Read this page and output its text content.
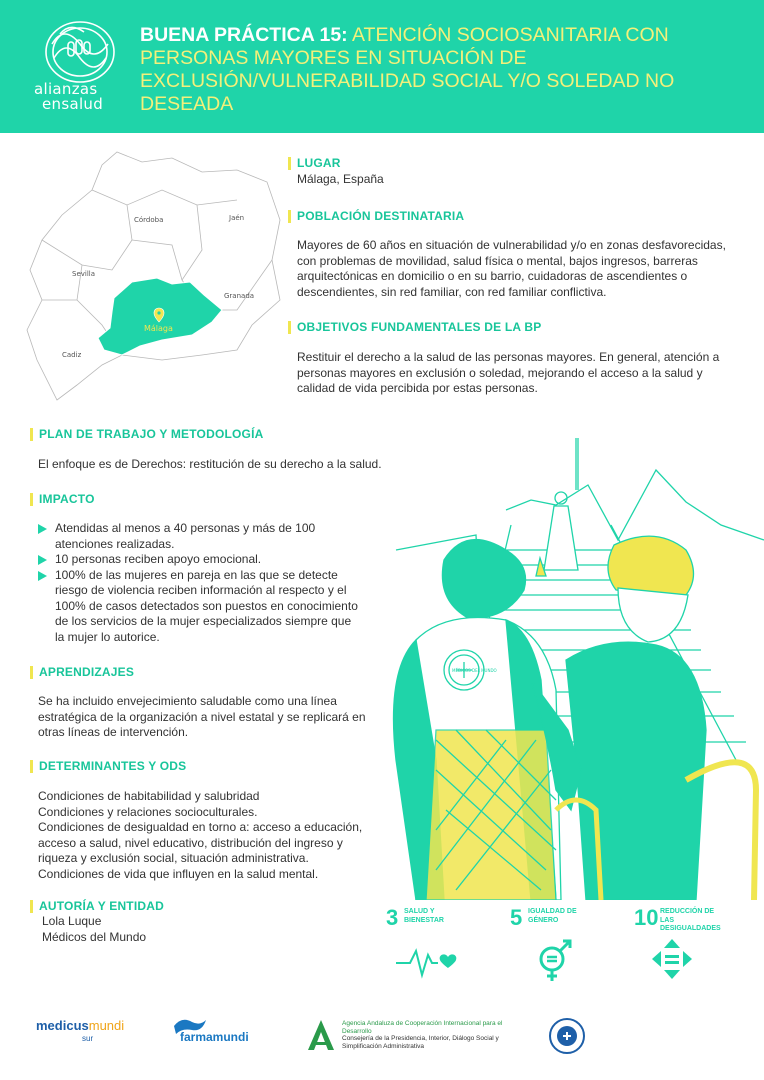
alianzas
ensalud
BUENA PRÁCTICA 15: ATENCIÓN SOCIOSANITARIA CON PERSONAS MAYORES EN SITUACIÓN DE EXCLUSIÓN/VULNERABILIDAD SOCIAL Y/O SOLEDAD NO DESEADA
Córdoba	Jaén
Sevilla
Granada
Cadiz
Málaga
LUGAR
Málaga, España
POBLACIÓN DESTINATARIA
Mayores de 60 años en situación de vulnerabilidad y/o en zonas desfavorecidas, con problemas de movilidad, salud física o mental, bajos ingresos, barreras arquitectónicas en domicilio o en su barrio, cuidadoras de ascendientes o descendientes, sin red familiar, con red familiar conflictiva.
OBJETIVOS FUNDAMENTALES DE LA BP
Restituir el derecho a la salud de las personas mayores. En general, atención a personas mayores en exclusión o soledad, mejorando el acceso a la salud y calidad de vida percibida por estas personas.
PLAN DE TRABAJO Y METODOLOGÍA
El enfoque es de Derechos: restitución de su derecho a la salud.
IMPACTO
Atendidas al menos a 40 personas y más de 100 atenciones realizadas.
10 personas reciben apoyo emocional.
100% de las mujeres en pareja en las que se detecte riesgo de violencia reciben información al respecto y el 100% de casos detectados son puestos en conocimiento de los servicios de la mujer especializados siempre que la mujer lo autorice.
APRENDIZAJES
Se ha incluido envejecimiento saludable como una línea estratégica de la organización a nivel estatal y se replicará en otras líneas de intervención.
DETERMINANTES Y ODS
Condiciones de habitabilidad y salubridad
Condiciones y relaciones socioculturales.
Condiciones de desigualdad en torno a: acceso a educación, acceso a salud, nivel educativo, distribución del ingreso y riqueza y exclusión social, situación administrativa.
Condiciones de vida que influyen en la salud mental.
AUTORÍA Y ENTIDAD
Lola Luque
Médicos del Mundo
MÉDICOS DEL MUNDO
3 SALUD Y BIENESTAR	5 IGUALDAD DE GÉNERO	10 REDUCCIÓN DE LAS DESIGUALDADES
medicusmundi
sur	farmamundi
Agencia Andaluza de Cooperación Internacional para el Desarrollo
Consejería de la Presidencia, Interior, Diálogo Social y Simplificación Administrativa
